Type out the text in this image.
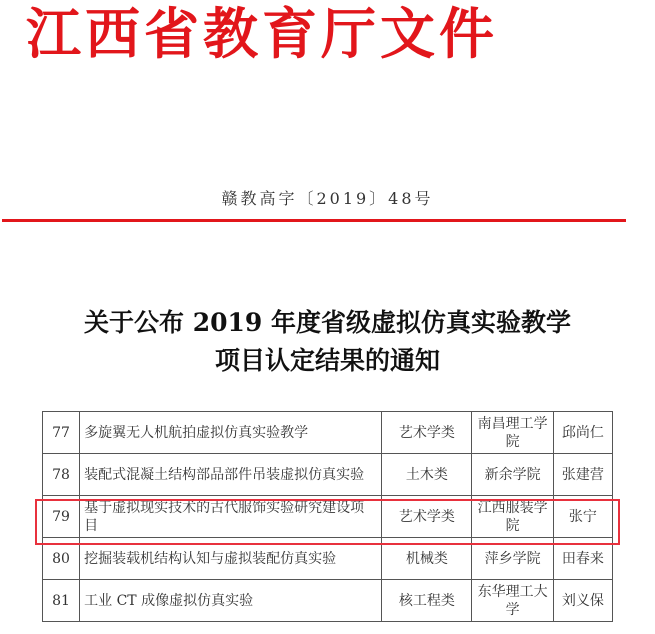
江西省教育厅文件
赣教高字〔2019〕48号
关于公布 2019 年度省级虚拟仿真实验教学
项目认定结果的通知
77	多旋翼无人机航拍虚拟仿真实验教学	艺术学类	南昌理工学院	邱尚仁
78	装配式混凝土结构部品部件吊装虚拟仿真实验	土木类	新余学院	张建营
79	基于虚拟现实技术的古代服饰实验研究建设项目	艺术学类	江西服装学院	张宁
80	挖掘装载机结构认知与虚拟装配仿真实验	机械类	萍乡学院	田春来
81	工业 CT 成像虚拟仿真实验	核工程类	东华理工大学	刘义保
